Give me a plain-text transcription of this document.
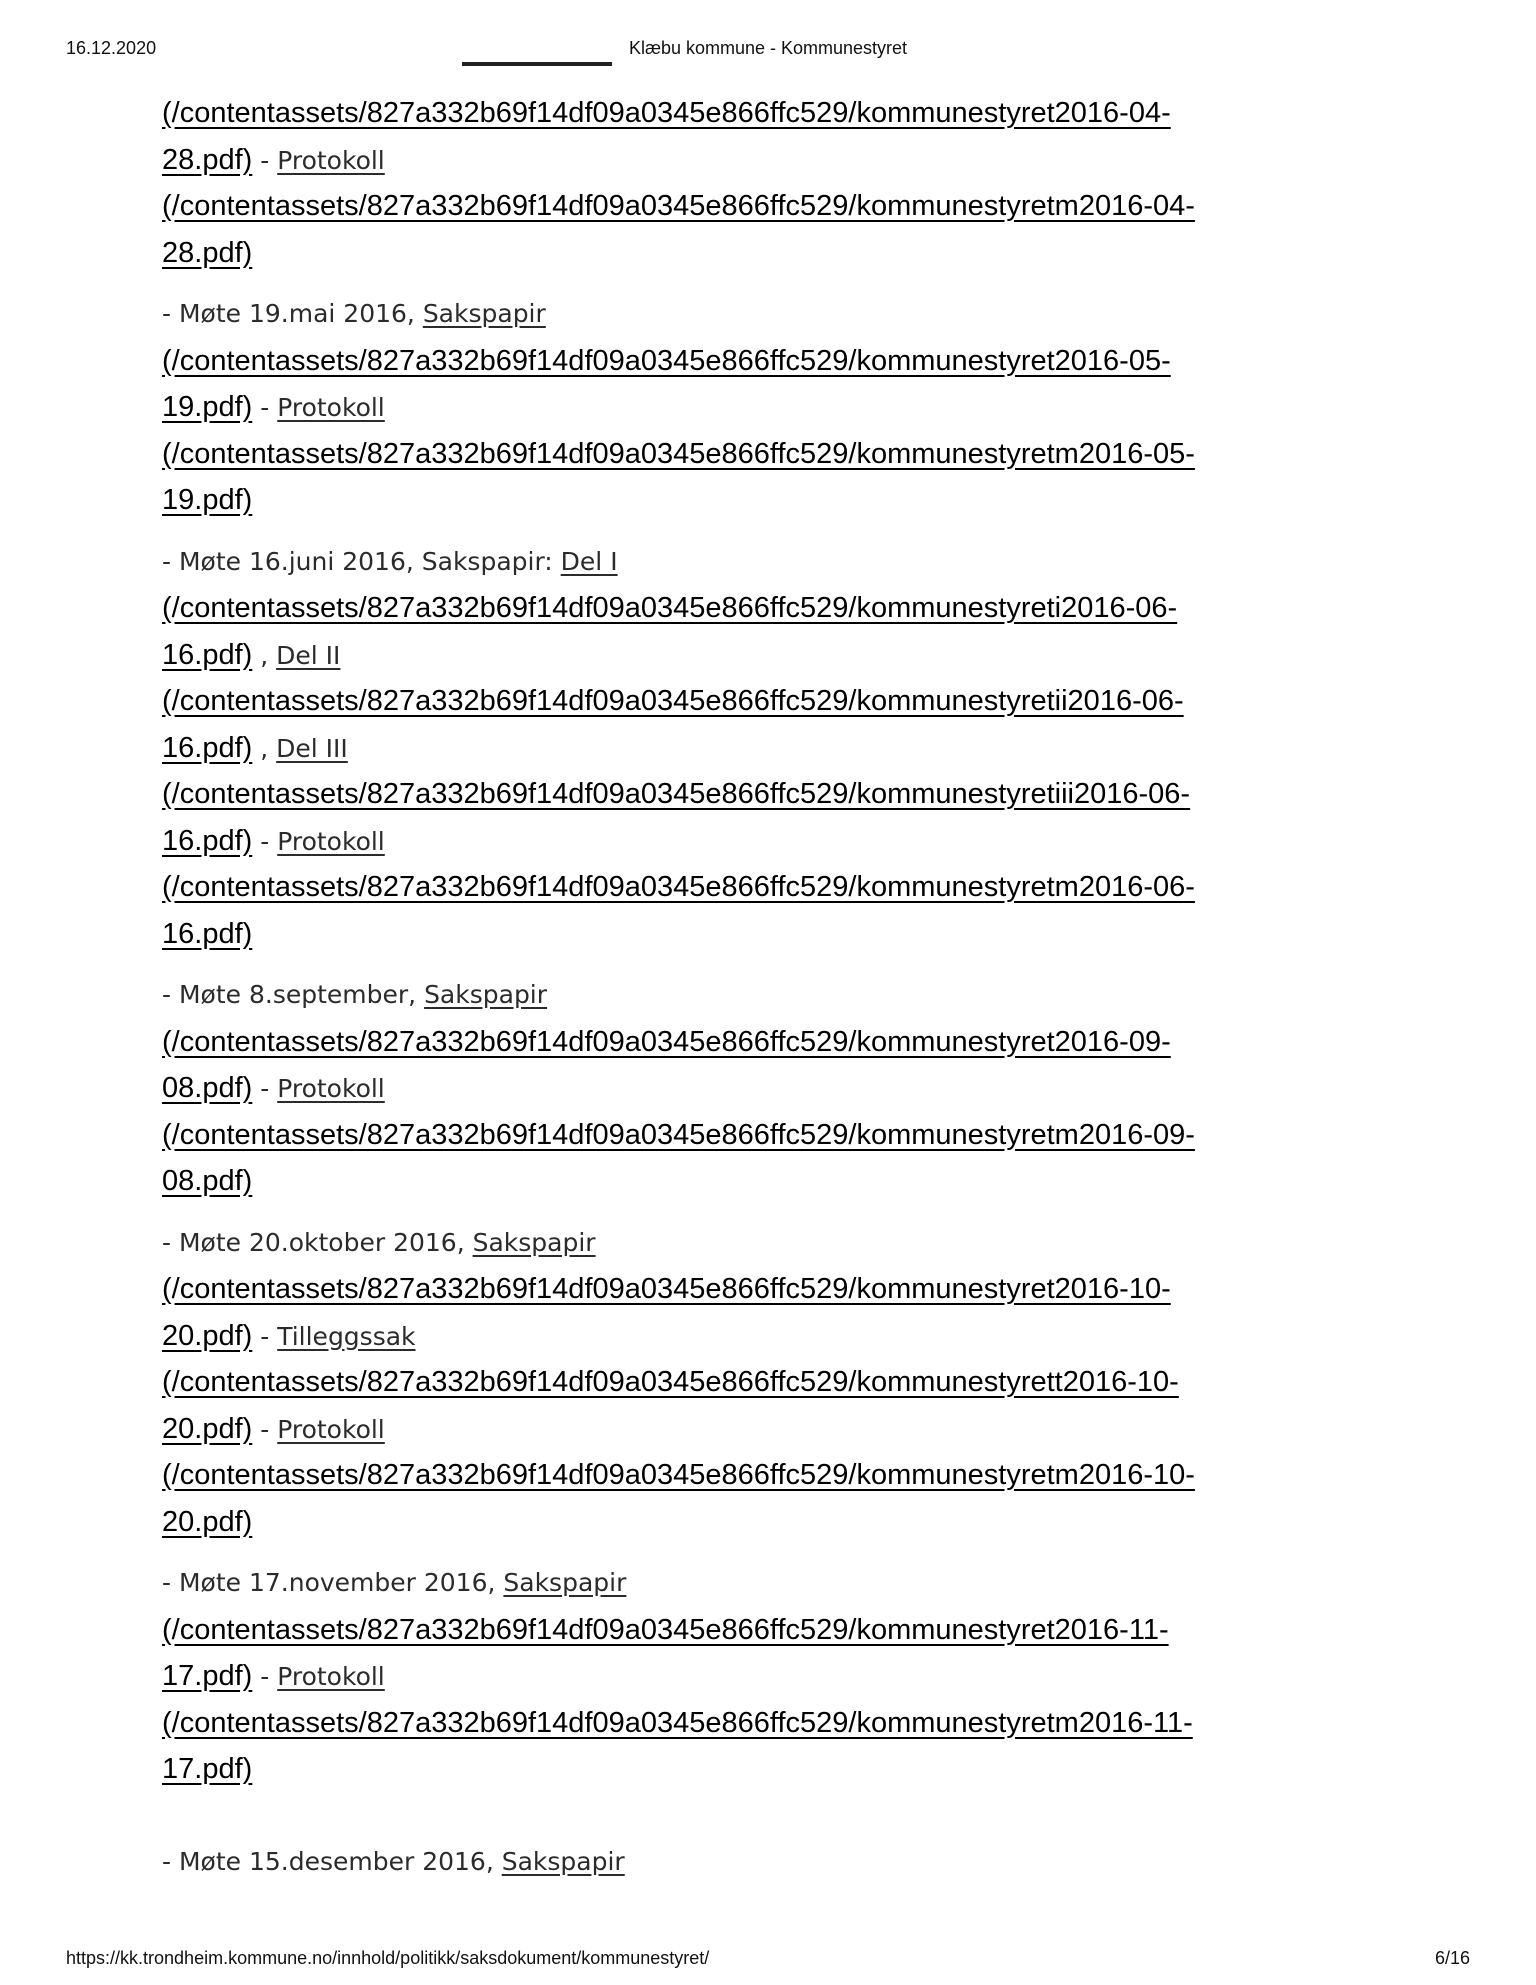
16.12.2020	Klæbu kommune - Kommunestyret
(/contentassets/827a332b69f14df09a0345e866ffc529/kommunestyret2016-04-
28.pdf) - Protokoll
(/contentassets/827a332b69f14df09a0345e866ffc529/kommunestyretm2016-04-
28.pdf)
- Møte 19.mai 2016, Sakspapir
(/contentassets/827a332b69f14df09a0345e866ffc529/kommunestyret2016-05-
19.pdf) - Protokoll
(/contentassets/827a332b69f14df09a0345e866ffc529/kommunestyretm2016-05-
19.pdf)
- Møte 16.juni 2016, Sakspapir: Del I
(/contentassets/827a332b69f14df09a0345e866ffc529/kommunestyreti2016-06-
16.pdf) , Del II
(/contentassets/827a332b69f14df09a0345e866ffc529/kommunestyretii2016-06-
16.pdf) , Del III
(/contentassets/827a332b69f14df09a0345e866ffc529/kommunestyretiii2016-06-
16.pdf) - Protokoll
(/contentassets/827a332b69f14df09a0345e866ffc529/kommunestyretm2016-06-
16.pdf)
- Møte 8.september, Sakspapir
(/contentassets/827a332b69f14df09a0345e866ffc529/kommunestyret2016-09-
08.pdf) - Protokoll
(/contentassets/827a332b69f14df09a0345e866ffc529/kommunestyretm2016-09-
08.pdf)
- Møte 20.oktober 2016, Sakspapir
(/contentassets/827a332b69f14df09a0345e866ffc529/kommunestyret2016-10-
20.pdf) - Tilleggssak
(/contentassets/827a332b69f14df09a0345e866ffc529/kommunestyrett2016-10-
20.pdf) - Protokoll
(/contentassets/827a332b69f14df09a0345e866ffc529/kommunestyretm2016-10-
20.pdf)
- Møte 17.november 2016, Sakspapir
(/contentassets/827a332b69f14df09a0345e866ffc529/kommunestyret2016-11-
17.pdf) - Protokoll
(/contentassets/827a332b69f14df09a0345e866ffc529/kommunestyretm2016-11-
17.pdf)
- Møte 15.desember 2016, Sakspapir
https://kk.trondheim.kommune.no/innhold/politikk/saksdokument/kommunestyret/	6/16
